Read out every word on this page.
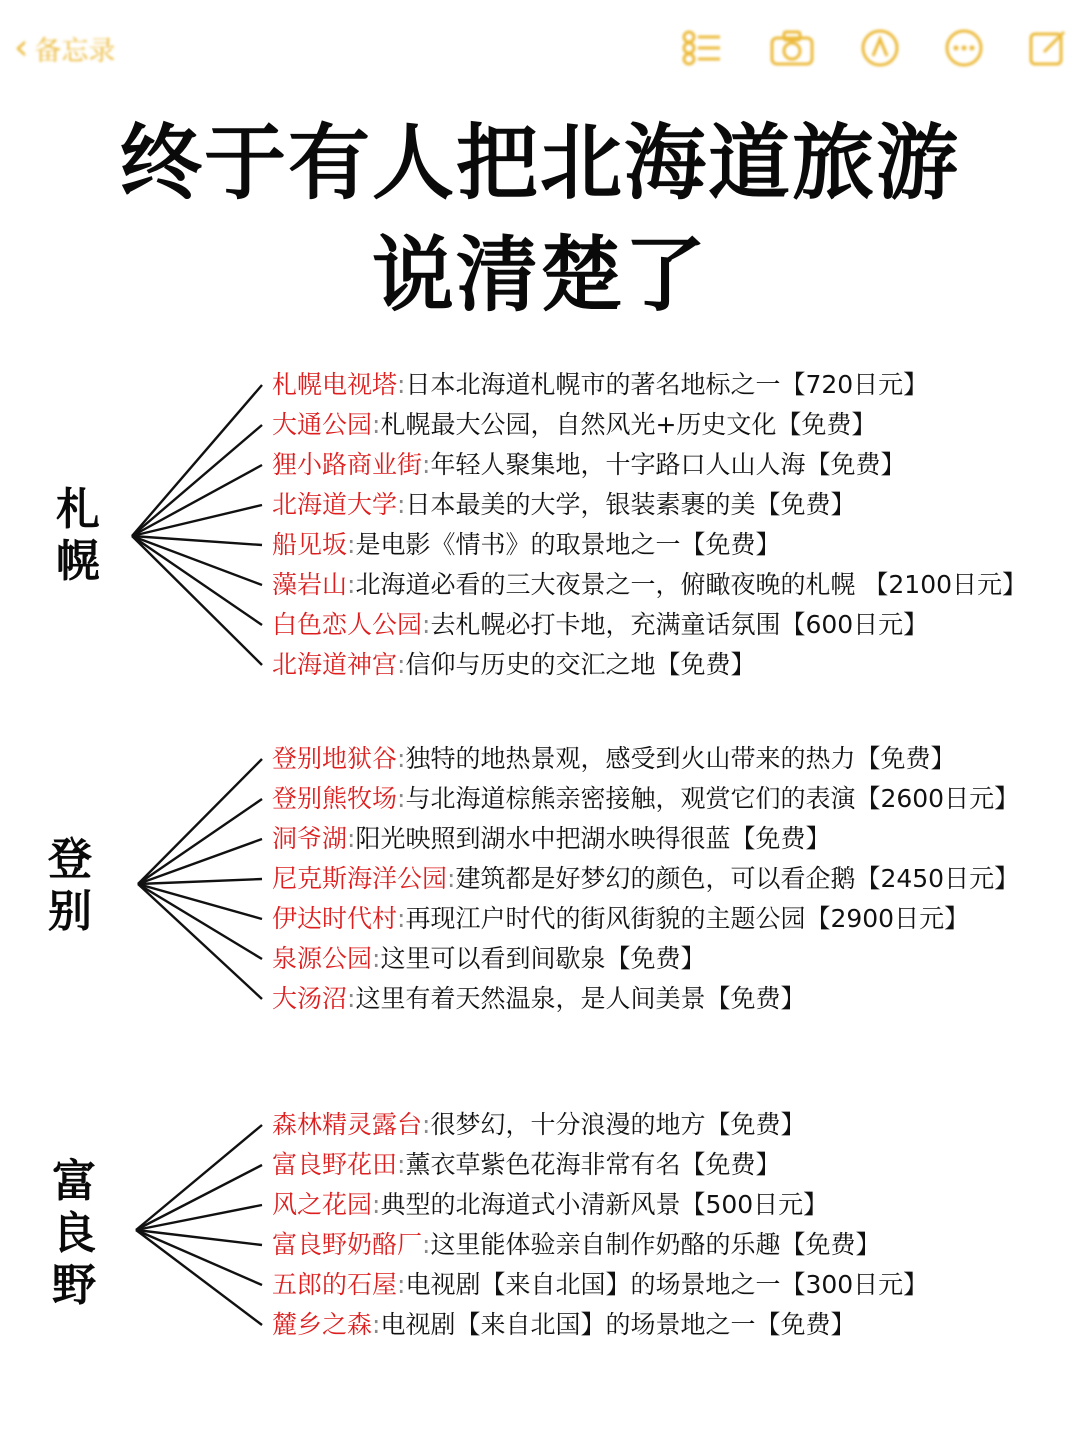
‹ 备忘录
终于有人把北海道旅游
说清楚了
札
幌
登
别
富
良
野
札幌电视塔:日本北海道札幌市的著名地标之一【720日元】
大通公园:札幌最大公园，自然风光+历史文化【免费】
狸小路商业街:年轻人聚集地，十字路口人山人海【免费】
北海道大学:日本最美的大学，银装素裹的美【免费】
船见坂:是电影《情书》的取景地之一【免费】
藻岩山:北海道必看的三大夜景之一，俯瞰夜晚的札幌 【2100日元】
白色恋人公园:去札幌必打卡地，充满童话氛围【600日元】
北海道神宫:信仰与历史的交汇之地【免费】
登别地狱谷:独特的地热景观，感受到火山带来的热力【免费】
登别熊牧场:与北海道棕熊亲密接触，观赏它们的表演【2600日元】
洞爷湖:阳光映照到湖水中把湖水映得很蓝【免费】
尼克斯海洋公园:建筑都是好梦幻的颜色，可以看企鹅【2450日元】
伊达时代村:再现江户时代的街风街貌的主题公园【2900日元】
泉源公园:这里可以看到间歇泉【免费】
大汤沼:这里有着天然温泉，是人间美景【免费】
森林精灵露台:很梦幻，十分浪漫的地方【免费】
富良野花田:薰衣草紫色花海非常有名【免费】
风之花园:典型的北海道式小清新风景【500日元】
富良野奶酪厂:这里能体验亲自制作奶酪的乐趣【免费】
五郎的石屋:电视剧【来自北国】的场景地之一【300日元】
麓乡之森:电视剧【来自北国】的场景地之一【免费】
